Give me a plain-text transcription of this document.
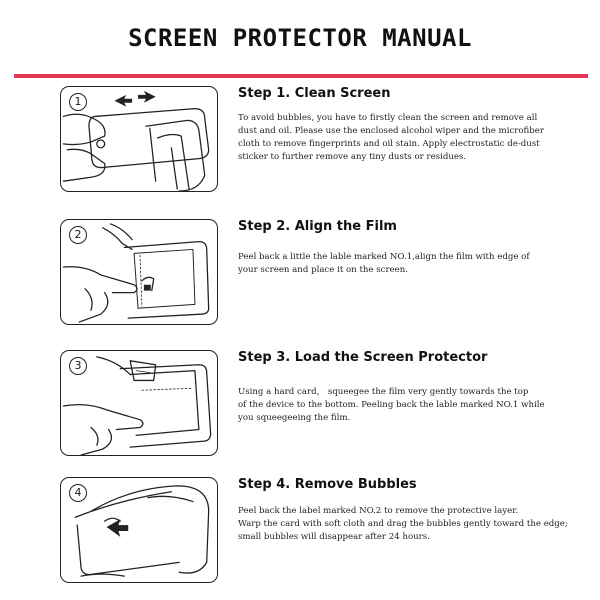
SCREEN PROTECTOR MANUAL
1
Step 1. Clean Screen
To avoid bubbles, you have to firstly clean the screen and remove all
dust and oil. Please use the enclosed alcohol wiper and the microfiber
cloth to remove fingerprints and oil stain. Apply electrostatic de-dust
sticker to further remove any tiny dusts or residues.
2
Step 2. Align the Film
Peel back a little the lable marked NO.1,align the film with edge of
your screen and place it on the screen.
3
Step 3. Load the Screen Protector
Using a hard card， squeegee the film very gently towards the top
of the device to the bottom. Peeling back the lable marked NO.1 while
you squeegeeing the film.
4
Step 4. Remove Bubbles
Peel back the label marked NO.2 to remove the protective layer.
Warp the card with soft cloth and drag the bubbles gently toward the edge;
small bubbles will disappear after 24 hours.
